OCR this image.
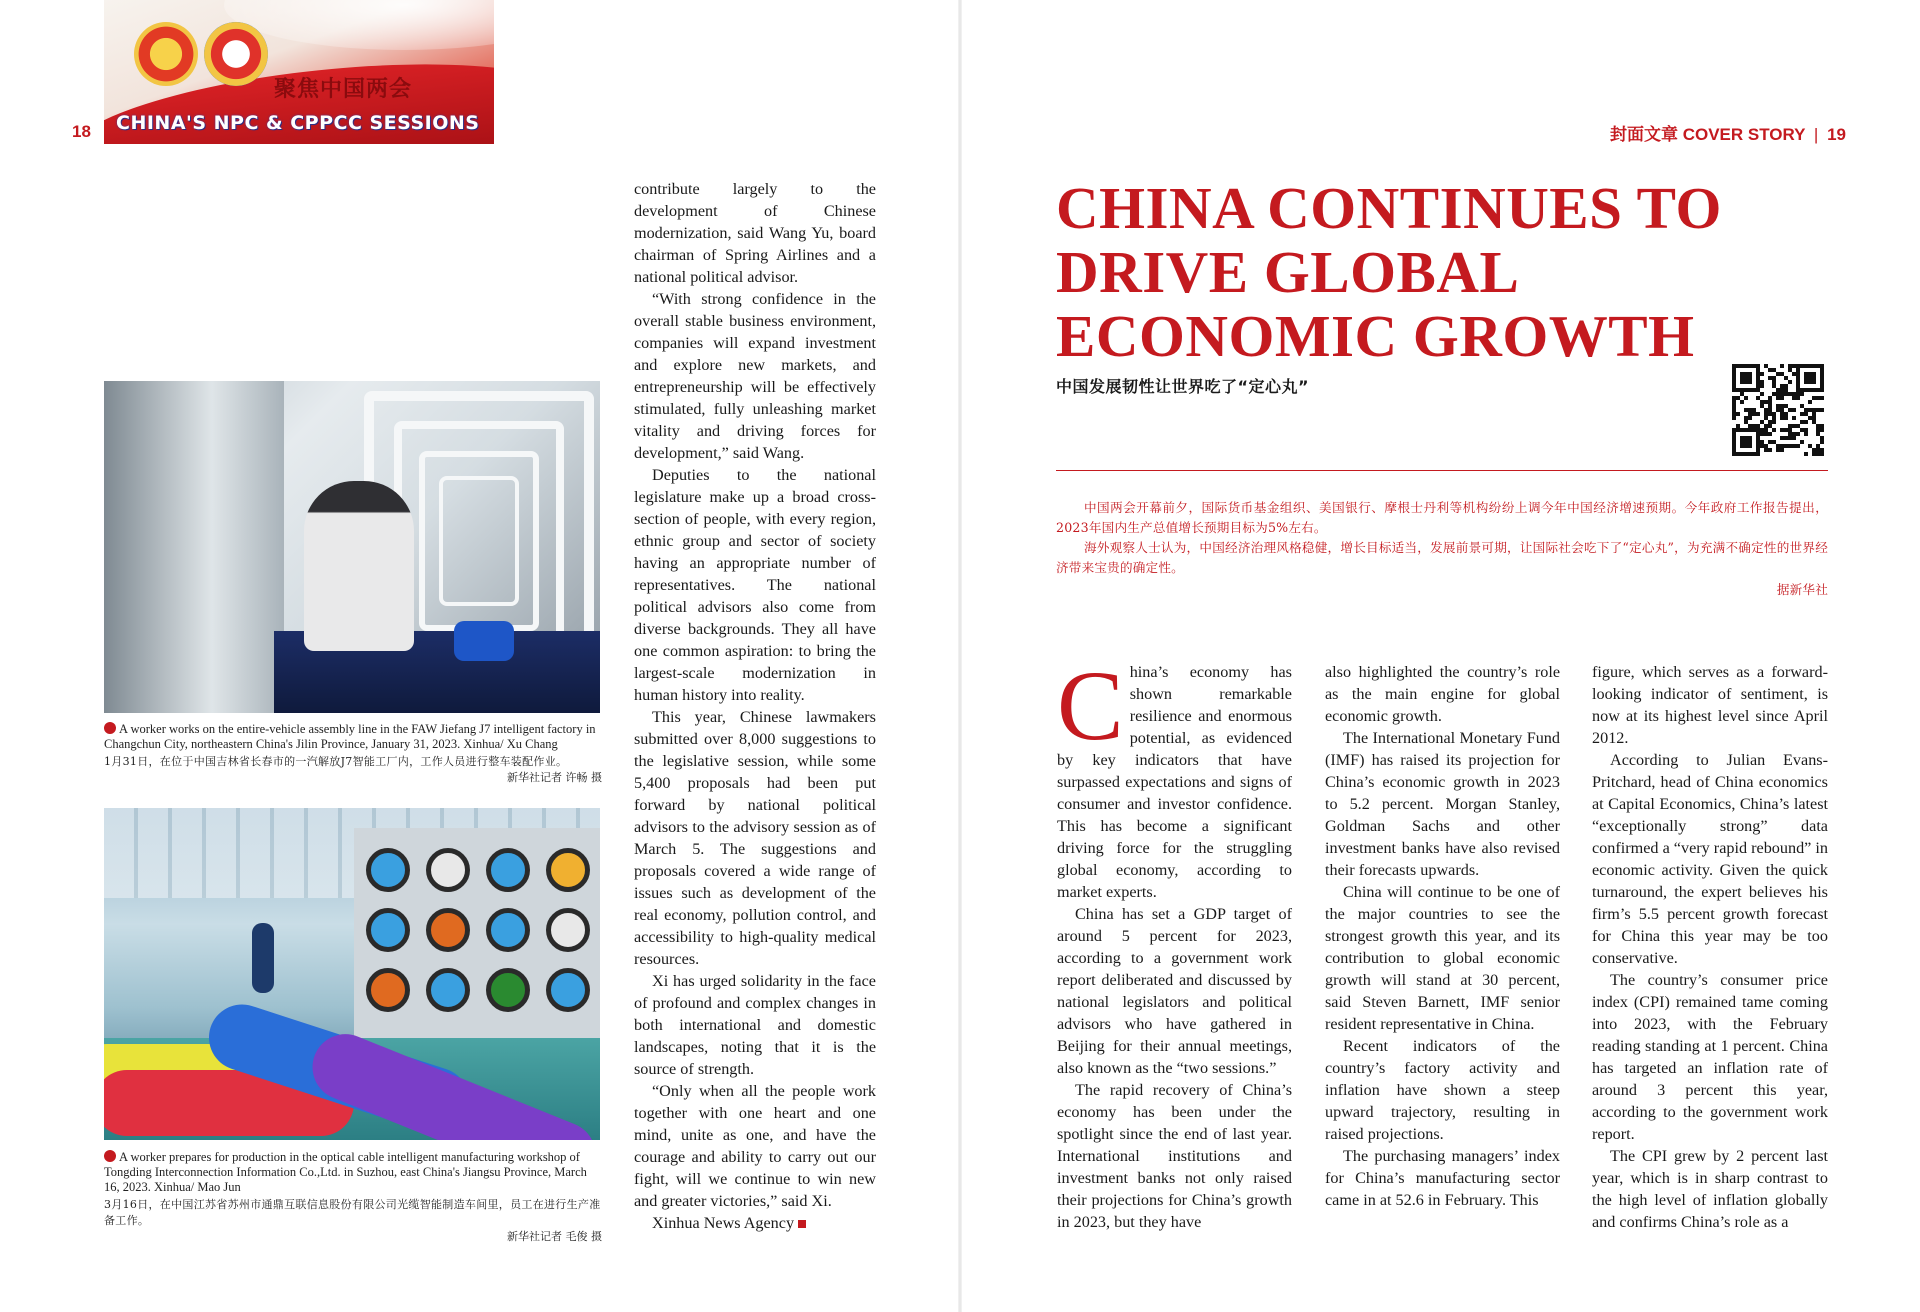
聚焦中国两会
CHINA'S NPC & CPPCC SESSIONS
18	封面文章 COVER STORY | 19
A worker works on the entire-vehicle assembly line in the FAW Jiefang J7 intelligent factory in Changchun City, northeastern China's Jilin Province, January 31, 2023. Xinhua/ Xu Chang
1月31日，在位于中国吉林省长春市的一汽解放J7智能工厂内，工作人员进行整车装配作业。
新华社记者 许畅 摄
A worker prepares for production in the optical cable intelligent manufacturing workshop of Tongding Interconnection Information Co.,Ltd. in Suzhou, east China's Jiangsu Province, March 16, 2023. Xinhua/ Mao Jun
3月16日，在中国江苏省苏州市通鼎互联信息股份有限公司光缆智能制造车间里，员工在进行生产准备工作。
新华社记者 毛俊 摄

contribute largely to the development of Chinese modernization, said Wang Yu, board chairman of Spring Airlines and a national political advisor.

“With strong confidence in the overall stable business environment, companies will expand investment and explore new markets, and entrepreneurship will be effectively stimulated, fully unleashing market vitality and driving forces for development,” said Wang.

Deputies to the national legislature make up a broad cross-section of people, with every region, ethnic group and sector of society having an appropriate number of representatives. The national political advisors also come from diverse backgrounds. They all have one common aspiration: to bring the largest-scale modernization in human history into reality.

This year, Chinese lawmakers submitted over 8,000 suggestions to the legislative session, while some 5,400 proposals had been put forward by national political advisors to the advisory session as of March 5. The suggestions and proposals covered a wide range of issues such as development of the real economy, pollution control, and accessibility to high-quality medical resources.

Xi has urged solidarity in the face of profound and complex changes in both international and domestic landscapes, noting that it is the source of strength.

“Only when all the people work together with one heart and one mind, unite as one, and have the courage and ability to carry out our fight, will we continue to win new and greater victories,” said Xi.

Xinhua News Agency

CHINA CONTINUES TO DRIVE GLOBAL ECONOMIC GROWTH
中国发展韧性让世界吃了“定心丸”

中国两会开幕前夕，国际货币基金组织、美国银行、摩根士丹利等机构纷纷上调今年中国经济增速预期。今年政府工作报告提出，2023年国内生产总值增长预期目标为5%左右。

海外观察人士认为，中国经济治理风格稳健，增长目标适当，发展前景可期，让国际社会吃下了“定心丸”，为充满不确定性的世界经济带来宝贵的确定性。

据新华社

China’s economy has shown remarkable resilience and enormous potential, as evidenced by key indicators that have surpassed expectations and signs of consumer and investor confidence. This has become a significant driving force for the struggling global economy, according to market experts.

China has set a GDP target of around 5 percent for 2023, according to a government work report deliberated and discussed by national legislators and political advisors who have gathered in Beijing for their annual meetings, also known as the “two sessions.”

The rapid recovery of China’s economy has been under the spotlight since the end of last year. International institutions and investment banks not only raised their projections for China’s growth in 2023, but they have

also highlighted the country’s role as the main engine for global economic growth.

The International Monetary Fund (IMF) has raised its projection for China’s economic growth in 2023 to 5.2 percent. Morgan Stanley, Goldman Sachs and other investment banks have also revised their forecasts upwards.

China will continue to be one of the major countries to see the strongest growth this year, and its contribution to global economic growth will stand at 30 percent, said Steven Barnett, IMF senior resident representative in China.

Recent indicators of the country’s factory activity and inflation have shown a steep upward trajectory, resulting in raised projections.

The purchasing managers’ index for China’s manufacturing sector came in at 52.6 in February. This

figure, which serves as a forward-looking indicator of sentiment, is now at its highest level since April 2012.

According to Julian Evans-Pritchard, head of China economics at Capital Economics, China’s latest “exceptionally strong” data confirmed a “very rapid rebound” in economic activity. Given the quick turnaround, the expert believes his firm’s 5.5 percent growth forecast for China this year may be too conservative.

The country’s consumer price index (CPI) remained tame coming into 2023, with the February reading standing at 1 percent. China has targeted an inflation rate of around 3 percent this year, according to the government work report.

The CPI grew by 2 percent last year, which is in sharp contrast to the high level of inflation globally and confirms China’s role as a
